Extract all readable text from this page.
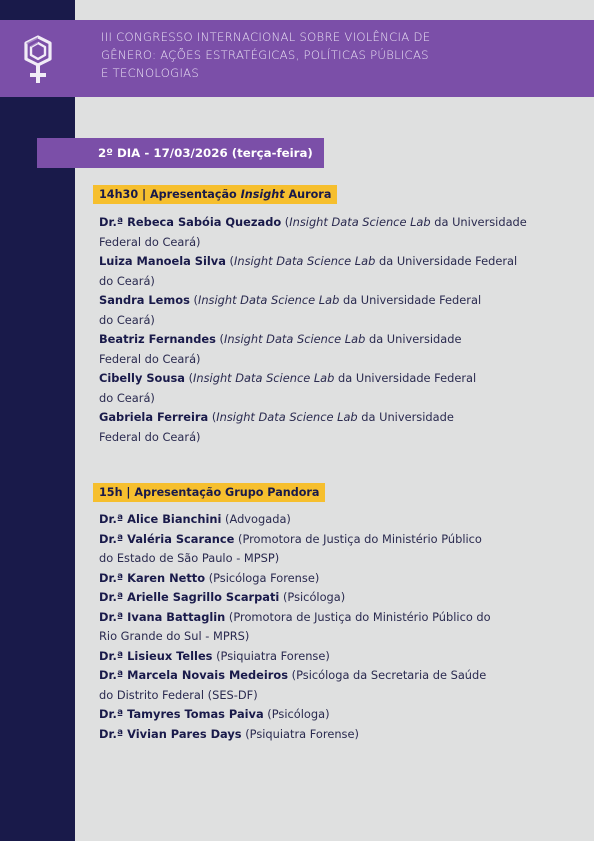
III CONGRESSO INTERNACIONAL SOBRE VIOLÊNCIA DE
GÊNERO: AÇÕES ESTRATÉGICAS, POLÍTICAS PÚBLICAS
E TECNOLOGIAS
2º DIA - 17/03/2026 (terça-feira)
14h30 | Apresentação Insight Aurora
Dr.ª Rebeca Sabóia Quezado (Insight Data Science Lab da Universidade
Federal do Ceará)
Luiza Manoela Silva (Insight Data Science Lab da Universidade Federal
do Ceará)
Sandra Lemos (Insight Data Science Lab da Universidade Federal
do Ceará)
Beatriz Fernandes (Insight Data Science Lab da Universidade
Federal do Ceará)
Cibelly Sousa (Insight Data Science Lab da Universidade Federal
do Ceará)
Gabriela Ferreira (Insight Data Science Lab da Universidade
Federal do Ceará)
15h | Apresentação Grupo Pandora
Dr.ª Alice Bianchini (Advogada)
Dr.ª Valéria Scarance (Promotora de Justiça do Ministério Público
do Estado de São Paulo - MPSP)
Dr.ª Karen Netto (Psicóloga Forense)
Dr.ª Arielle Sagrillo Scarpati (Psicóloga)
Dr.ª Ivana Battaglin (Promotora de Justiça do Ministério Público do
Rio Grande do Sul - MPRS)
Dr.ª Lisieux Telles (Psiquiatra Forense)
Dr.ª Marcela Novais Medeiros (Psicóloga da Secretaria de Saúde
do Distrito Federal (SES-DF)
Dr.ª Tamyres Tomas Paiva (Psicóloga)
Dr.ª Vivian Pares Days (Psiquiatra Forense)
